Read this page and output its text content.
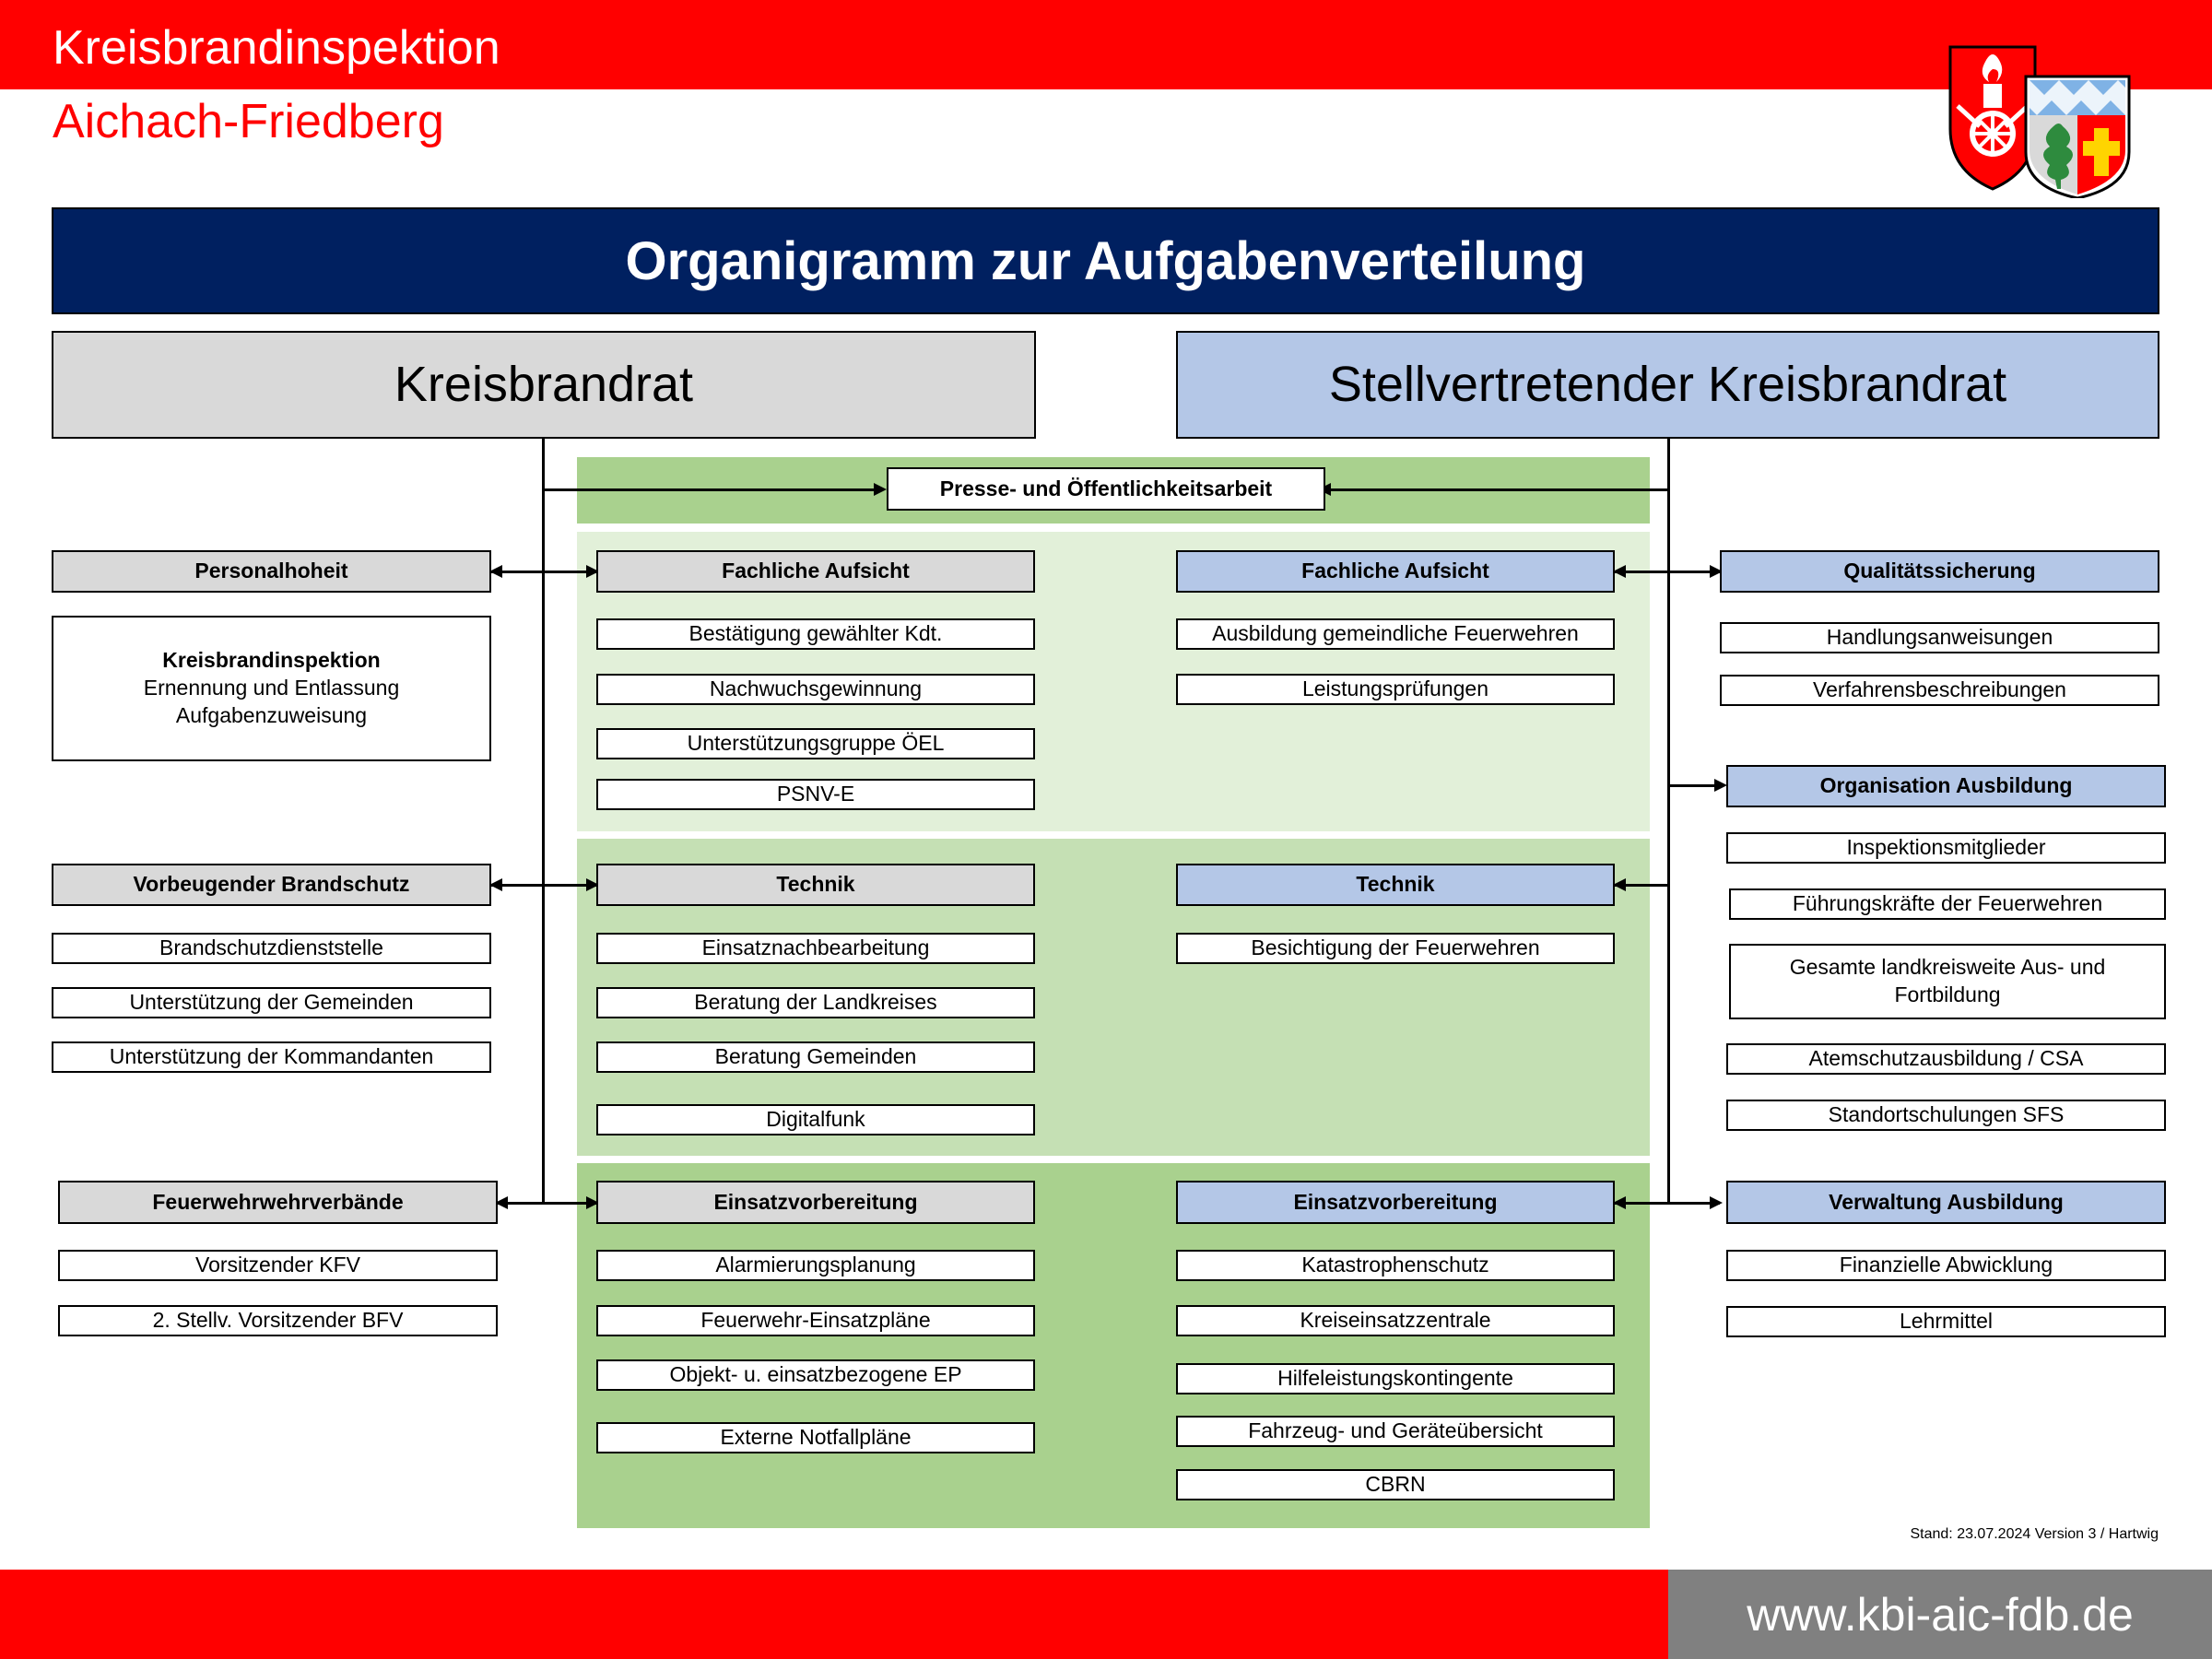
Kreisbrandinspektion
Aichach-Friedberg
Organigramm zur Aufgabenverteilung
Kreisbrandrat	Stellvertretender Kreisbrandrat
Presse- und Öffentlichkeitsarbeit
Personalhoheit
Kreisbrandinspektion
Ernennung und Entlassung
Aufgabenzuweisung
Vorbeugender Brandschutz
Brandschutzdienststelle
Unterstützung der Gemeinden
Unterstützung der Kommandanten
Feuerwehrwehrverbände
Vorsitzender KFV
2. Stellv. Vorsitzender BFV
Fachliche Aufsicht
Bestätigung gewählter Kdt.
Nachwuchsgewinnung
Unterstützungsgruppe ÖEL
PSNV-E
Technik
Einsatznachbearbeitung
Beratung der Landkreises
Beratung Gemeinden
Digitalfunk
Einsatzvorbereitung
Alarmierungsplanung
Feuerwehr-Einsatzpläne
Objekt- u. einsatzbezogene EP
Externe Notfallpläne
Fachliche Aufsicht
Ausbildung gemeindliche Feuerwehren
Leistungsprüfungen
Technik
Besichtigung der Feuerwehren
Einsatzvorbereitung
Katastrophenschutz
Kreiseinsatzzentrale
Hilfeleistungskontingente
Fahrzeug- und Geräteübersicht
CBRN
Qualitätssicherung
Handlungsanweisungen
Verfahrensbeschreibungen
Organisation Ausbildung
Inspektionsmitglieder
Führungskräfte der Feuerwehren
Gesamte landkreisweite Aus- und Fortbildung
Atemschutzausbildung / CSA
Standortschulungen SFS
Verwaltung Ausbildung
Finanzielle Abwicklung
Lehrmittel
Stand: 23.07.2024 Version 3 / Hartwig
www.kbi-aic-fdb.de
